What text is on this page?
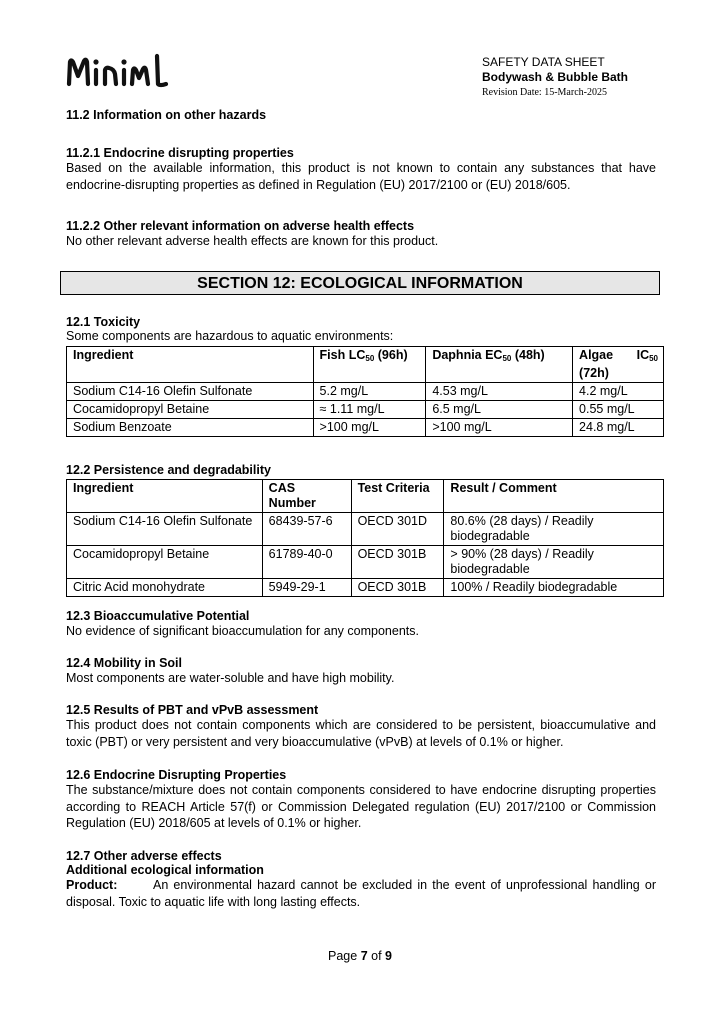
SAFETY DATA SHEET
Bodywash & Bubble Bath
Revision Date: 15-March-2025
11.2 Information on other hazards
11.2.1 Endocrine disrupting properties

Based on the available information, this product is not known to contain any substances that have endocrine-disrupting properties as defined in Regulation (EU) 2017/2100 or (EU) 2018/605.

11.2.2 Other relevant information on adverse health effects

No other relevant adverse health effects are known for this product.

SECTION 12: ECOLOGICAL INFORMATION
12.1 Toxicity

Some components are hazardous to aquatic environments:

Ingredient	Fish $LC_{50}$ (96h)	Daphnia $EC_{50}$ (48h)	Algae $IC_{50}$
(72h)

Sodium C14-16 Olefin Sulfonate	5.2 mg/L	4.53 mg/L	4.2 mg/L
Cocamidopropyl Betaine	≈ 1.11 mg/L	6.5 mg/L	0.55 mg/L
Sodium Benzoate	>100 mg/L	>100 mg/L	24.8 mg/L
12.2 Persistence and degradability
Ingredient	CAS Number	Test Criteria	Result / Comment
Sodium C14-16 Olefin Sulfonate	68439-57-6	OECD 301D	80.6% (28 days) / Readily biodegradable
Cocamidopropyl Betaine	61789-40-0	OECD 301B	> 90% (28 days) / Readily biodegradable
Citric Acid monohydrate	5949-29-1	OECD 301B	100% / Readily biodegradable
12.3 Bioaccumulative Potential

No evidence of significant bioaccumulation for any components.

12.4 Mobility in Soil

Most components are water-soluble and have high mobility.

12.5 Results of PBT and vPvB assessment

This product does not contain components which are considered to be persistent, bioaccumulative and toxic (PBT) or very persistent and very bioaccumulative (vPvB) at levels of 0.1% or higher.

12.6 Endocrine Disrupting Properties

The substance/mixture does not contain components considered to have endocrine disrupting properties according to REACH Article 57(f) or Commission Delegated regulation (EU) 2017/2100 or Commission Regulation (EU) 2018/605 at levels of 0.1% or higher.

12.7 Other adverse effects
Additional ecological information

Product:	An environmental hazard cannot be excluded in the event of unprofessional handling or disposal. Toxic to aquatic life with long lasting effects.

Page 7 of 9
